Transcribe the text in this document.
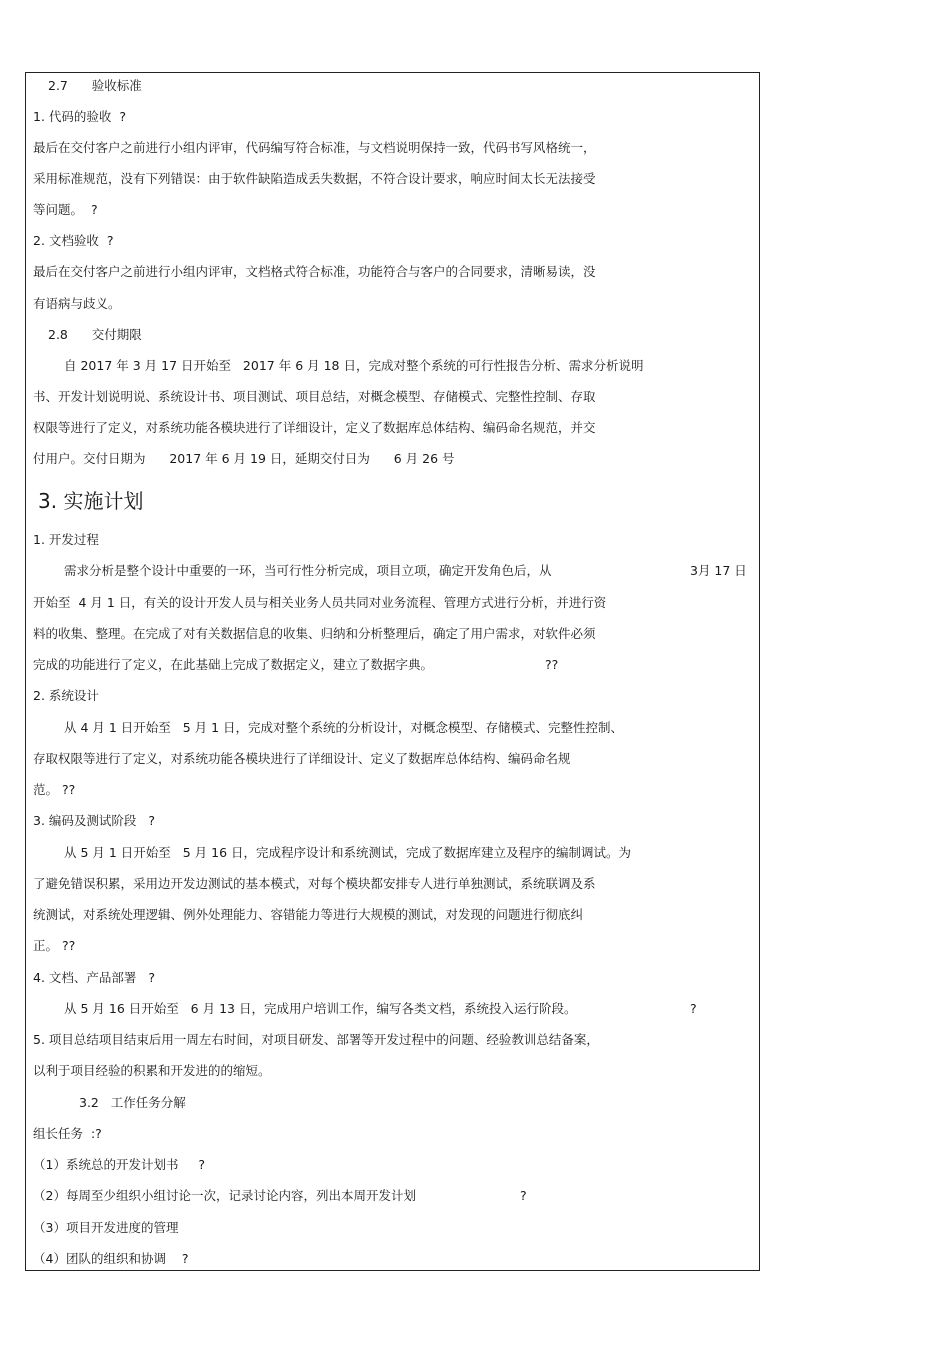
2.7      验收标准
1. 代码的验收  ?
最后在交付客户之前进行小组内评审，代码编写符合标准，与文档说明保持一致，代码书写风格统一，
采用标准规范，没有下列错误：由于软件缺陷造成丢失数据，不符合设计要求，响应时间太长无法接受
等问题。  ?
2. 文档验收  ?
最后在交付客户之前进行小组内评审，文档格式符合标准，功能符合与客户的合同要求，清晰易读，没
有语病与歧义。
2.8      交付期限
自 2017 年 3 月 17 日开始至   2017 年 6 月 18 日，完成对整个系统的可行性报告分析、需求分析说明
书、开发计划说明说、系统设计书、项目测试、项目总结，对概念模型、存储模式、完整性控制、存取
权限等进行了定义，对系统功能各模块进行了详细设计，定义了数据库总体结构、编码命名规范，并交
付用户。交付日期为      2017 年 6 月 19 日，延期交付日为      6 月 26 号
3. 实施计划
1. 开发过程
需求分析是整个设计中重要的一环，当可行性分析完成，项目立项，确定开发角色后，从	3月 17 日
开始至  4 月 1 日，有关的设计开发人员与相关业务人员共同对业务流程、管理方式进行分析，并进行资
料的收集、整理。在完成了对有关数据信息的收集、归纳和分析整理后，确定了用户需求，对软件必须
完成的功能进行了定义，在此基础上完成了数据定义，建立了数据字典。	??
2. 系统设计
从 4 月 1 日开始至   5 月 1 日，完成对整个系统的分析设计，对概念模型、存储模式、完整性控制、
存取权限等进行了定义，对系统功能各模块进行了详细设计、定义了数据库总体结构、编码命名规
范。 ??
3. 编码及测试阶段   ?
从 5 月 1 日开始至   5 月 16 日，完成程序设计和系统测试，完成了数据库建立及程序的编制调试。为
了避免错误积累，采用边开发边测试的基本模式，对每个模块都安排专人进行单独测试，系统联调及系
统测试，对系统处理逻辑、例外处理能力、容错能力等进行大规模的测试，对发现的问题进行彻底纠
正。 ??
4. 文档、产品部署   ?
从 5 月 16 日开始至   6 月 13 日，完成用户培训工作，编写各类文档，系统投入运行阶段。	?
5. 项目总结项目结束后用一周左右时间，对项目研发、部署等开发过程中的问题、经验教训总结备案，
以利于项目经验的积累和开发进的的缩短。
3.2   工作任务分解
组长任务  :?
（1）系统总的开发计划书     ?
（2）每周至少组织小组讨论一次，记录讨论内容，列出本周开发计划	?
（3）项目开发进度的管理
（4）团队的组织和协调    ?
